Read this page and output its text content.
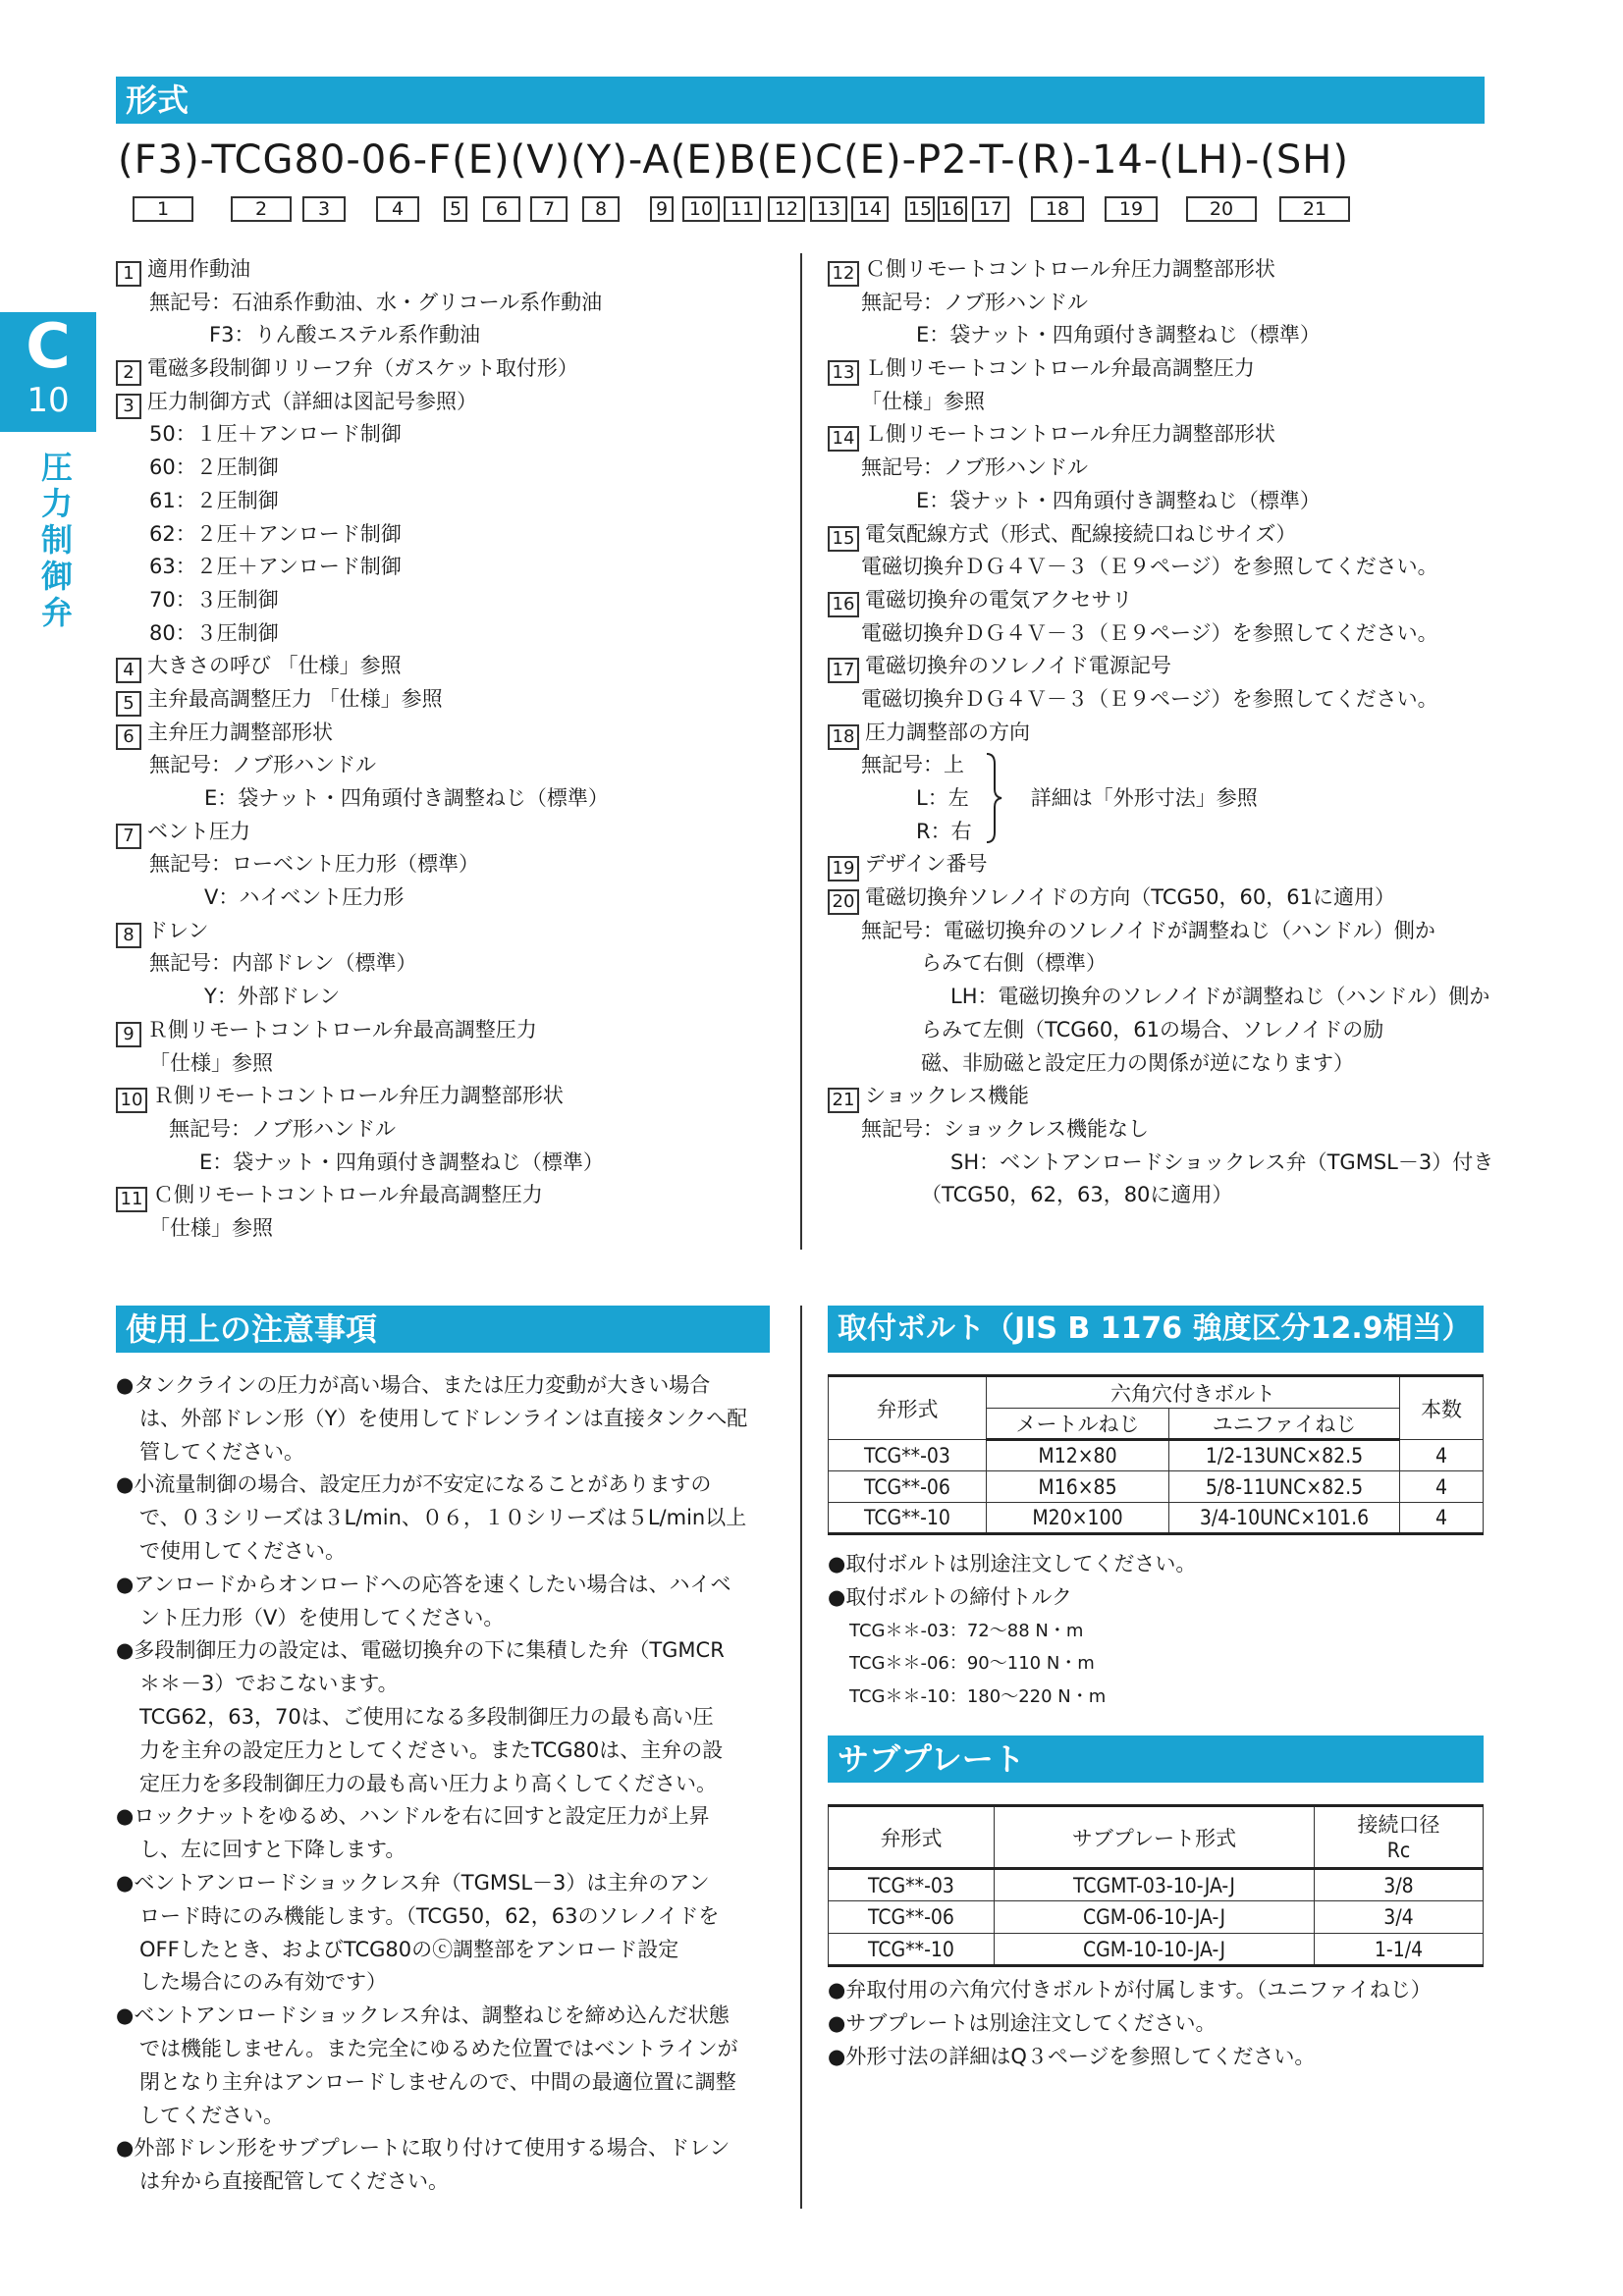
形式
(F3)-TCG80-06-F(E)(V)(Y)-A(E)B(E)C(E)-P2-T-(R)-14-(LH)-(SH)
1	2	3	4	5	6	7	8	9	10 11	12 13 14	15 16 17	18	19	20	21
C
10
圧
力
制
御
弁
1 適用作動油
無記号：石油系作動油、水・グリコール系作動油
F3：りん酸エステル系作動油
2 電磁多段制御リリーフ弁（ガスケット取付形）
3 圧力制御方式（詳細は図記号参照）
50：１圧＋アンロード制御
60：２圧制御
61：２圧制御
62：２圧＋アンロード制御
63：２圧＋アンロード制御
70：３圧制御
80：３圧制御
4 大きさの呼び 「仕様」参照
5 主弁最高調整圧力 「仕様」参照
6 主弁圧力調整部形状
無記号：ノブ形ハンドル
E：袋ナット・四角頭付き調整ねじ（標準）
7 ベント圧力
無記号：ローベント圧力形（標準）
V：ハイベント圧力形
8 ドレン
無記号：内部ドレン（標準）
Y：外部ドレン
9 Ｒ側リモートコントロール弁最高調整圧力
「仕様」参照
10 Ｒ側リモートコントロール弁圧力調整部形状
無記号：ノブ形ハンドル
E：袋ナット・四角頭付き調整ねじ（標準）
11 Ｃ側リモートコントロール弁最高調整圧力
「仕様」参照
12 Ｃ側リモートコントロール弁圧力調整部形状
無記号：ノブ形ハンドル
E：袋ナット・四角頭付き調整ねじ（標準）
13 Ｌ側リモートコントロール弁最高調整圧力
「仕様」参照
14 Ｌ側リモートコントロール弁圧力調整部形状
無記号：ノブ形ハンドル
E：袋ナット・四角頭付き調整ねじ（標準）
15 電気配線方式（形式、配線接続口ねじサイズ）
電磁切換弁ＤＧ４Ｖ－３（Ｅ９ページ）を参照してください。
16 電磁切換弁の電気アクセサリ
電磁切換弁ＤＧ４Ｖ－３（Ｅ９ページ）を参照してください。
17 電磁切換弁のソレノイド電源記号
電磁切換弁ＤＧ４Ｖ－３（Ｅ９ページ）を参照してください。
18 圧力調整部の方向
無記号：上
L：左　　　詳細は「外形寸法」参照
R：右
19 デザイン番号
20 電磁切換弁ソレノイドの方向（TCG50，60，61に適用）
無記号：電磁切換弁のソレノイドが調整ねじ（ハンドル）側か
らみて右側（標準）
LH：電磁切換弁のソレノイドが調整ねじ（ハンドル）側か
らみて左側（TCG60，61の場合、ソレノイドの励
磁、非励磁と設定圧力の関係が逆になります）
21 ショックレス機能
無記号：ショックレス機能なし
SH：ベントアンロードショックレス弁（TGMSL－3）付き
（TCG50，62，63，80に適用）
使用上の注意事項
●タンクラインの圧力が高い場合、または圧力変動が大きい場合
は、外部ドレン形（Y）を使用してドレンラインは直接タンクへ配
管してください。
●小流量制御の場合、設定圧力が不安定になることがありますの
で、０３シリーズは３L/min、０６，１０シリーズは５L/min以上
で使用してください。
●アンロードからオンロードへの応答を速くしたい場合は、ハイベ
ント圧力形（V）を使用してください。
●多段制御圧力の設定は、電磁切換弁の下に集積した弁（TGMCR
＊＊－3）でおこないます。
TCG62，63，70は、ご使用になる多段制御圧力の最も高い圧
力を主弁の設定圧力としてください。またTCG80は、主弁の設
定圧力を多段制御圧力の最も高い圧力より高くしてください。
●ロックナットをゆるめ、ハンドルを右に回すと設定圧力が上昇
し、左に回すと下降します。
●ベントアンロードショックレス弁（TGMSL－3）は主弁のアン
ロード時にのみ機能します。（TCG50，62，63のソレノイドを
OFFしたとき、およびTCG80のⓒ調整部をアンロード設定
した場合にのみ有効です）
●ベントアンロードショックレス弁は、調整ねじを締め込んだ状態
では機能しません。また完全にゆるめた位置ではベントラインが
閉となり主弁はアンロードしませんので、中間の最適位置に調整
してください。
●外部ドレン形をサブプレートに取り付けて使用する場合、ドレン
は弁から直接配管してください。
取付ボルト（JIS B 1176 強度区分12.9相当）
弁形式	六角穴付きボルト		本数
	メートルねじ	ユニファイねじ	
TCG**-03	M12×80	1/2-13UNC×82.5	4
TCG**-06	M16×85	5/8-11UNC×82.5	4
TCG**-10	M20×100	3/4-10UNC×101.6	4
●取付ボルトは別途注文してください。
●取付ボルトの締付トルク
TCG＊＊-03：72～88 N・m
TCG＊＊-06：90～110 N・m
TCG＊＊-10：180～220 N・m
サブプレート
弁形式	サブプレート形式	接続口径
Rc

TCG**-03	TCGMT-03-10-JA-J	3/8
TCG**-06	CGM-06-10-JA-J	3/4
TCG**-10	CGM-10-10-JA-J	1-1/4
●弁取付用の六角穴付きボルトが付属します。（ユニファイねじ）
●サブプレートは別途注文してください。
●外形寸法の詳細はQ３ページを参照してください。
